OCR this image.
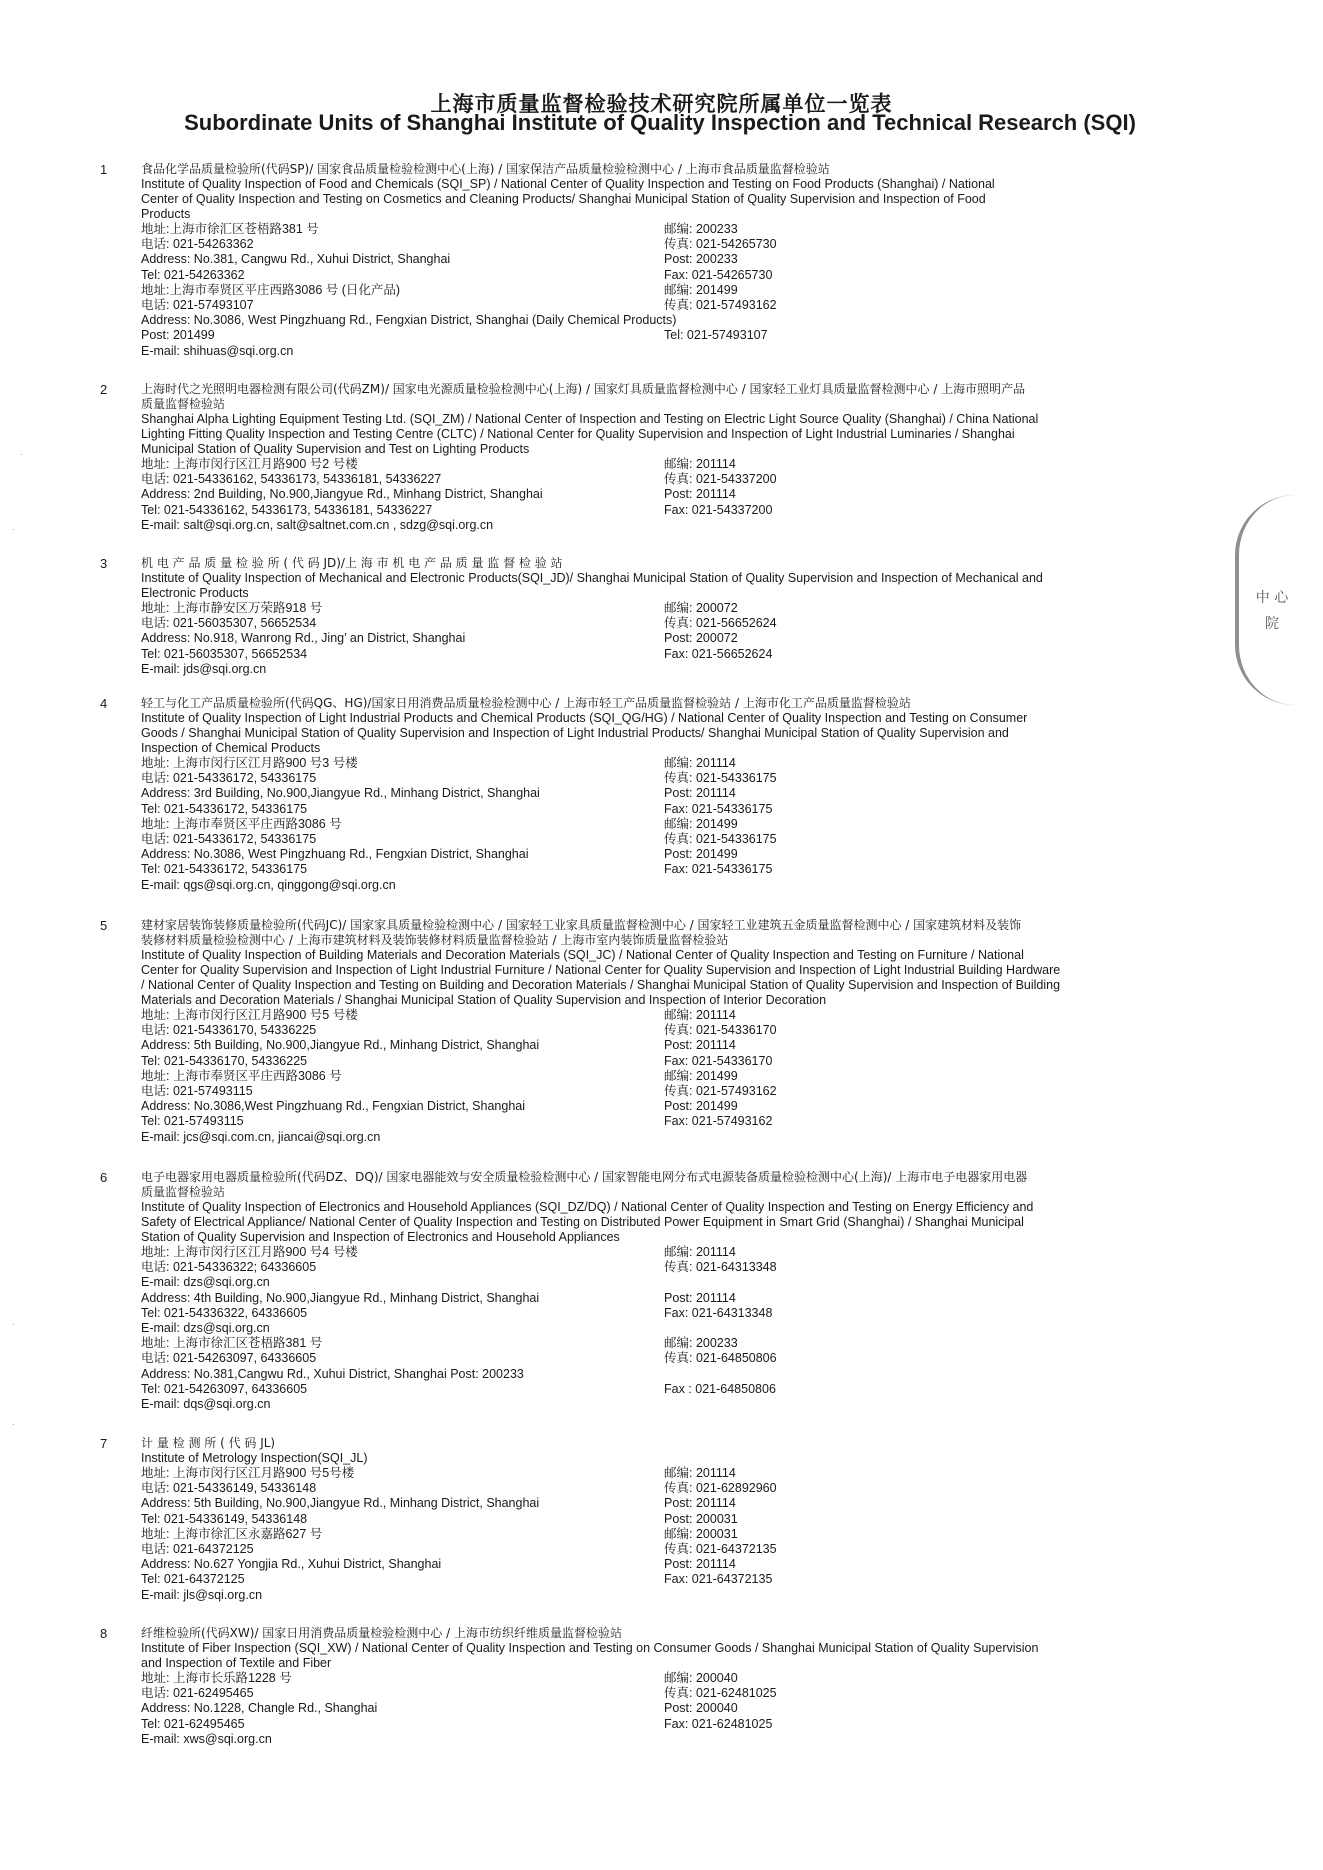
上海市质量监督检验技术研究院所属单位一览表
Subordinate Units of Shanghai Institute of Quality Inspection and Technical Research (SQI)
中 心 院
·
·
·
·
1	食品化学品质量检验所(代码SP)/ 国家食品质量检验检测中心(上海) / 国家保洁产品质量检验检测中心 / 上海市食品质量监督检验站
Institute of Quality Inspection of Food and Chemicals (SQI_SP) / National Center of Quality Inspection and Testing on Food Products (Shanghai) / National
Center of Quality Inspection and Testing on Cosmetics and Cleaning Products/ Shanghai Municipal Station of Quality Supervision and Inspection of Food
Products
地址:上海市徐汇区苍梧路381 号	邮编: 200233
电话: 021-54263362	传真: 021-54265730
Address: No.381, Cangwu Rd., Xuhui District, Shanghai	Post: 200233
Tel: 021-54263362	Fax: 021-54265730
地址:上海市奉贤区平庄西路3086 号 (日化产品)	邮编: 201499
电话: 021-57493107	传真: 021-57493162
Address: No.3086, West Pingzhuang Rd., Fengxian District, Shanghai (Daily Chemical Products)
Post: 201499	Tel: 021-57493107
E-mail: shihuas@sqi.org.cn
2	上海时代之光照明电器检测有限公司(代码ZM)/ 国家电光源质量检验检测中心(上海) / 国家灯具质量监督检测中心 / 国家轻工业灯具质量监督检测中心 / 上海市照明产品
质量监督检验站
Shanghai Alpha Lighting Equipment Testing Ltd. (SQI_ZM) / National Center of Inspection and Testing on Electric Light Source Quality (Shanghai) / China National
Lighting Fitting Quality Inspection and Testing Centre (CLTC) / National Center for Quality Supervision and Inspection of Light Industrial Luminaries / Shanghai
Municipal Station of Quality Supervision and Test on Lighting Products
地址: 上海市闵行区江月路900 号2 号楼	邮编: 201114
电话: 021-54336162, 54336173, 54336181, 54336227	传真: 021-54337200
Address: 2nd Building, No.900,Jiangyue Rd., Minhang District, Shanghai	Post: 201114
Tel: 021-54336162, 54336173, 54336181, 54336227	Fax: 021-54337200
E-mail: salt@sqi.org.cn, salt@saltnet.com.cn , sdzg@sqi.org.cn
3	机 电 产 品 质 量 检 验 所 ( 代 码 JD)/上 海 市 机 电 产 品 质 量 监 督 检 验 站
Institute of Quality Inspection of Mechanical and Electronic Products(SQI_JD)/ Shanghai Municipal Station of Quality Supervision and Inspection of Mechanical and
Electronic Products
地址: 上海市静安区万荣路918 号	邮编: 200072
电话: 021-56035307, 56652534	传真: 021-56652624
Address: No.918, Wanrong Rd., Jing’ an District, Shanghai	Post: 200072
Tel: 021-56035307, 56652534	Fax: 021-56652624
E-mail: jds@sqi.org.cn
4	轻工与化工产品质量检验所(代码QG、HG)/国家日用消费品质量检验检测中心 / 上海市轻工产品质量监督检验站 / 上海市化工产品质量监督检验站
Institute of Quality Inspection of Light Industrial Products and Chemical Products (SQI_QG/HG) / National Center of Quality Inspection and Testing on Consumer
Goods / Shanghai Municipal Station of Quality Supervision and Inspection of Light Industrial Products/ Shanghai Municipal Station of Quality Supervision and
Inspection of Chemical Products
地址: 上海市闵行区江月路900 号3 号楼	邮编: 201114
电话: 021-54336172, 54336175	传真: 021-54336175
Address: 3rd Building, No.900,Jiangyue Rd., Minhang District, Shanghai	Post: 201114
Tel: 021-54336172, 54336175	Fax: 021-54336175
地址: 上海市奉贤区平庄西路3086 号	邮编: 201499
电话: 021-54336172, 54336175	传真: 021-54336175
Address: No.3086, West Pingzhuang Rd., Fengxian District, Shanghai	Post: 201499
Tel: 021-54336172, 54336175	Fax: 021-54336175
E-mail: qgs@sqi.org.cn, qinggong@sqi.org.cn
5	建材家居装饰装修质量检验所(代码JC)/ 国家家具质量检验检测中心 / 国家轻工业家具质量监督检测中心 / 国家轻工业建筑五金质量监督检测中心 / 国家建筑材料及装饰
装修材料质量检验检测中心 / 上海市建筑材料及装饰装修材料质量监督检验站 / 上海市室内装饰质量监督检验站
Institute of Quality Inspection of Building Materials and Decoration Materials (SQI_JC) / National Center of Quality Inspection and Testing on Furniture / National
Center for Quality Supervision and Inspection of Light Industrial Furniture / National Center for Quality Supervision and Inspection of Light Industrial Building Hardware
/ National Center of Quality Inspection and Testing on Building and Decoration Materials / Shanghai Municipal Station of Quality Supervision and Inspection of Building
Materials and Decoration Materials / Shanghai Municipal Station of Quality Supervision and Inspection of Interior Decoration
地址: 上海市闵行区江月路900 号5 号楼	邮编: 201114
电话: 021-54336170, 54336225	传真: 021-54336170
Address: 5th Building, No.900,Jiangyue Rd., Minhang District, Shanghai	Post: 201114
Tel: 021-54336170, 54336225	Fax: 021-54336170
地址: 上海市奉贤区平庄西路3086 号	邮编: 201499
电话: 021-57493115	传真: 021-57493162
Address: No.3086,West Pingzhuang Rd., Fengxian District, Shanghai	Post: 201499
Tel: 021-57493115	Fax: 021-57493162
E-mail: jcs@sqi.com.cn, jiancai@sqi.org.cn
6	电子电器家用电器质量检验所(代码DZ、DQ)/ 国家电器能效与安全质量检验检测中心 / 国家智能电网分布式电源装备质量检验检测中心(上海)/ 上海市电子电器家用电器
质量监督检验站
Institute of Quality Inspection of Electronics and Household Appliances (SQI_DZ/DQ) / National Center of Quality Inspection and Testing on Energy Efficiency and
Safety of Electrical Appliance/ National Center of Quality Inspection and Testing on Distributed Power Equipment in Smart Grid (Shanghai) / Shanghai Municipal
Station of Quality Supervision and Inspection of Electronics and Household Appliances
地址: 上海市闵行区江月路900 号4 号楼	邮编: 201114
电话: 021-54336322; 64336605	传真: 021-64313348
E-mail: dzs@sqi.org.cn
Address: 4th Building, No.900,Jiangyue Rd., Minhang District, Shanghai	Post: 201114
Tel: 021-54336322, 64336605	Fax: 021-64313348
E-mail: dzs@sqi.org.cn
地址: 上海市徐汇区苍梧路381 号	邮编: 200233
电话: 021-54263097, 64336605	传真: 021-64850806
Address: No.381,Cangwu Rd., Xuhui District, Shanghai Post: 200233
Tel: 021-54263097, 64336605	Fax : 021-64850806
E-mail: dqs@sqi.org.cn
7	计 量 检 测 所 ( 代 码 JL)
Institute of Metrology Inspection(SQI_JL)
地址: 上海市闵行区江月路900 号5号楼	邮编: 201114
电话: 021-54336149, 54336148	传真: 021-62892960
Address: 5th Building, No.900,Jiangyue Rd., Minhang District, Shanghai	Post: 201114
Tel: 021-54336149, 54336148	Post: 200031
地址: 上海市徐汇区永嘉路627 号	邮编: 200031
电话: 021-64372125	传真: 021-64372135
Address: No.627 Yongjia Rd., Xuhui District, Shanghai	Post: 201114
Tel: 021-64372125	Fax: 021-64372135
E-mail: jls@sqi.org.cn
8	纤维检验所(代码XW)/ 国家日用消费品质量检验检测中心 / 上海市纺织纤维质量监督检验站
Institute of Fiber Inspection (SQI_XW) / National Center of Quality Inspection and Testing on Consumer Goods / Shanghai Municipal Station of Quality Supervision
and Inspection of Textile and Fiber
地址: 上海市长乐路1228 号	邮编: 200040
电话: 021-62495465	传真: 021-62481025
Address: No.1228, Changle Rd., Shanghai	Post: 200040
Tel: 021-62495465	Fax: 021-62481025
E-mail: xws@sqi.org.cn
